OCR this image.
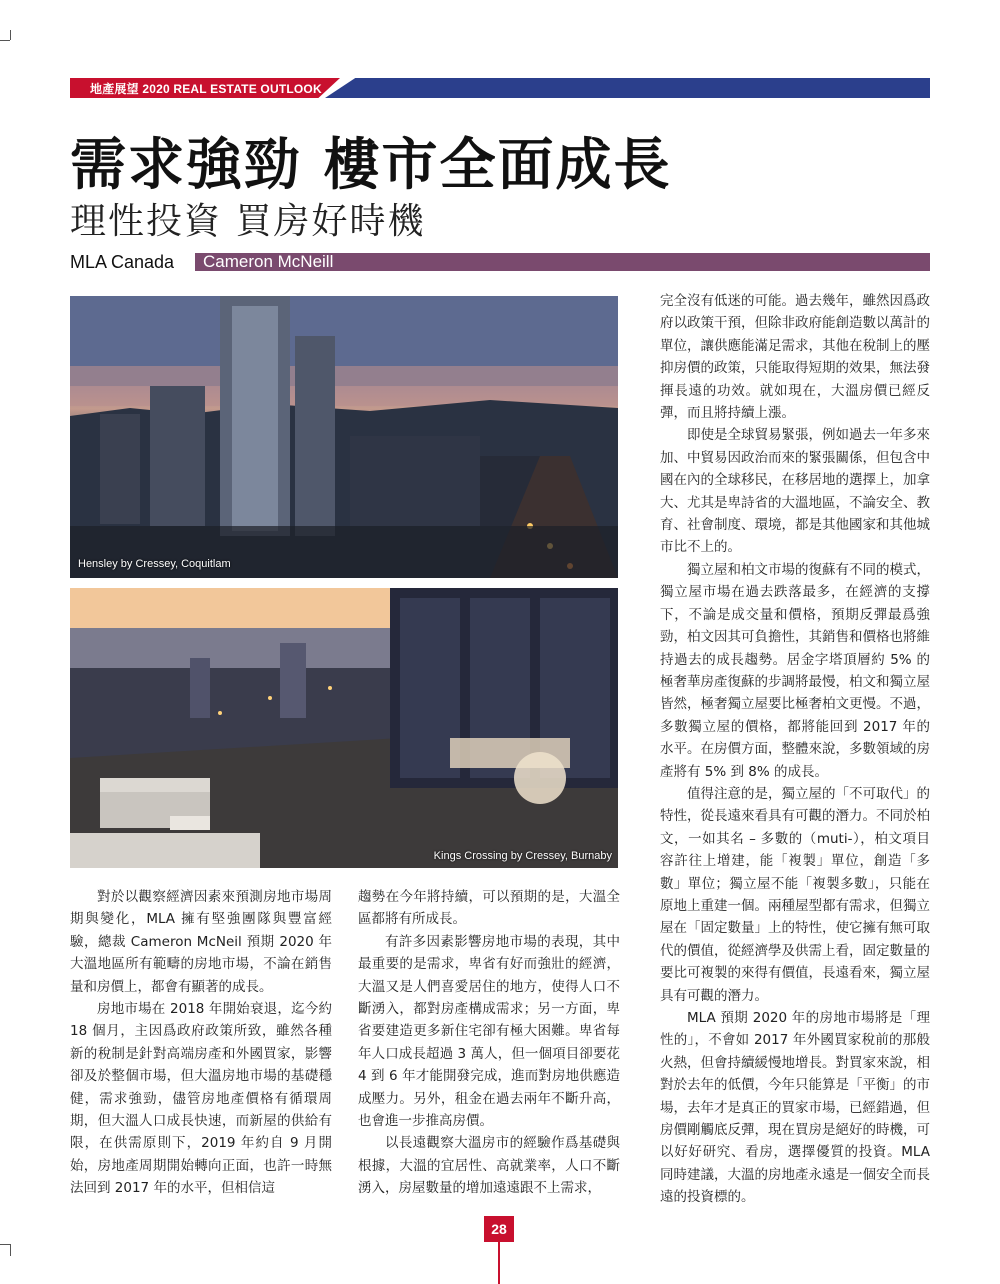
地產展望 2020 REAL ESTATE OUTLOOK
需求強勁 樓市全面成長
理性投資 買房好時機
MLA Canada Cameron McNeill
Hensley by Cressey, Coquitlam
Kings Crossing by Cressey, Burnaby

對於以觀察經濟因素來預測房地市場周期與變化，MLA 擁有堅強團隊與豐富經驗，總裁 Cameron McNeil 預期 2020 年大溫地區所有範疇的房地市場，不論在銷售量和房價上，都會有顯著的成長。

房地市場在 2018 年開始衰退，迄今約 18 個月，主因爲政府政策所致，雖然各種新的稅制是針對高端房產和外國買家，影響卻及於整個市場，但大溫房地市場的基礎穩健，需求強勁，儘管房地產價格有循環周期，但大溫人口成長快速，而新屋的供給有限，在供需原則下，2019 年約自 9 月開始，房地產周期開始轉向正面，也許一時無法回到 2017 年的水平，但相信這

趨勢在今年將持續，可以預期的是，大溫全區都將有所成長。

有許多因素影響房地市場的表現，其中最重要的是需求，卑省有好而強壯的經濟，大溫又是人們喜愛居住的地方，使得人口不斷湧入，都對房產構成需求；另一方面，卑省要建造更多新住宅卻有極大困難。卑省每年人口成長超過 3 萬人，但一個項目卻要花 4 到 6 年才能開發完成，進而對房地供應造成壓力。另外，租金在過去兩年不斷升高，也會進一步推高房價。

以長遠觀察大溫房市的經驗作爲基礎與根據，大溫的宜居性、高就業率，人口不斷湧入，房屋數量的增加遠遠跟不上需求，

完全沒有低迷的可能。過去幾年，雖然因爲政府以政策干預，但除非政府能創造數以萬計的單位，讓供應能滿足需求，其他在稅制上的壓抑房價的政策，只能取得短期的效果，無法發揮長遠的功效。就如現在，大溫房價已經反彈，而且將持續上漲。

即使是全球貿易緊張，例如過去一年多來加、中貿易因政治而來的緊張關係，但包含中國在內的全球移民，在移居地的選擇上，加拿大、尤其是卑詩省的大溫地區，不論安全、教育、社會制度、環境，都是其他國家和其他城市比不上的。

獨立屋和柏文市場的復蘇有不同的模式，獨立屋市場在過去跌落最多，在經濟的支撐下，不論是成交量和價格，預期反彈最爲強勁，柏文因其可負擔性，其銷售和價格也將維持過去的成長趨勢。居金字塔頂層約 5% 的極奢華房產復蘇的步調將最慢，柏文和獨立屋皆然，極奢獨立屋要比極奢柏文更慢。不過，多數獨立屋的價格，都將能回到 2017 年的水平。在房價方面，整體來說，多數領域的房產將有 5% 到 8% 的成長。

值得注意的是，獨立屋的「不可取代」的特性，從長遠來看具有可觀的潛力。不同於柏文，一如其名 – 多數的（muti-），柏文項目容許往上增建，能「複製」單位，創造「多數」單位；獨立屋不能「複製多數」，只能在原地上重建一個。兩種屋型都有需求，但獨立屋在「固定數量」上的特性，使它擁有無可取代的價值，從經濟學及供需上看，固定數量的要比可複製的來得有價值，長遠看來，獨立屋具有可觀的潛力。

MLA 預期 2020 年的房地市場將是「理性的」，不會如 2017 年外國買家稅前的那般火熱，但會持續緩慢地增長。對買家來說，相對於去年的低價，今年只能算是「平衡」的市場，去年才是真正的買家市場，已經錯過，但房價剛觸底反彈，現在買房是絕好的時機，可以好好研究、看房，選擇優質的投資。MLA 同時建議，大溫的房地產永遠是一個安全而長遠的投資標的。

28
